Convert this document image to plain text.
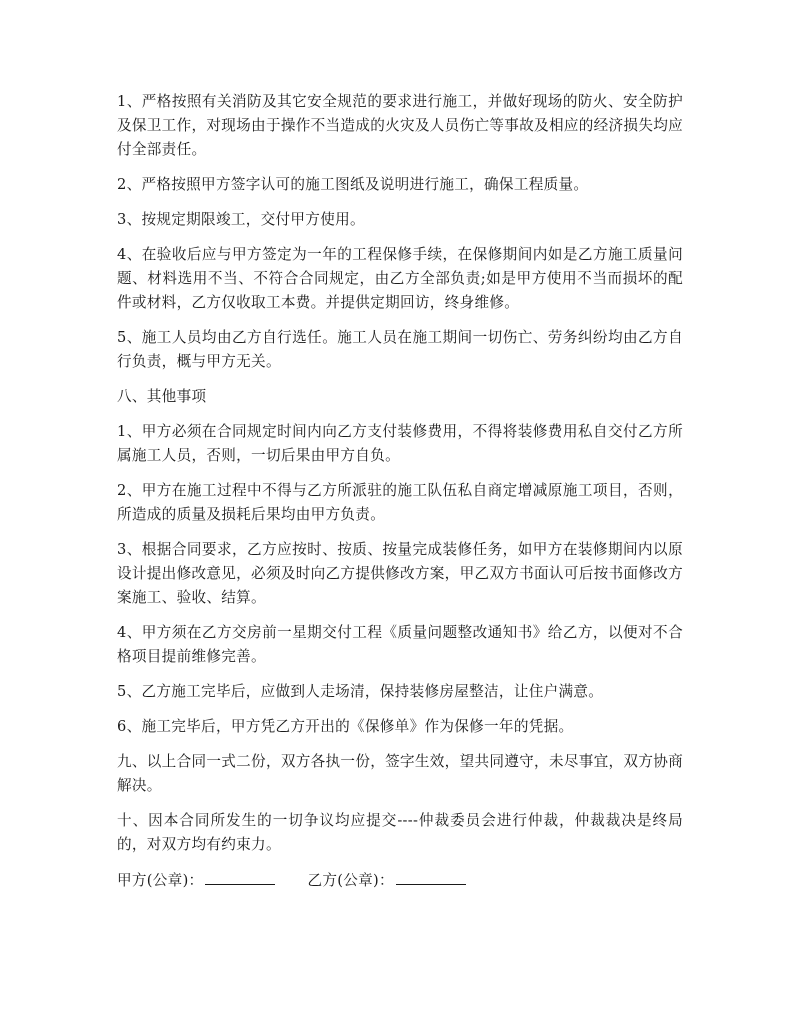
1、严格按照有关消防及其它安全规范的要求进行施工，并做好现场的防火、安全防护及保卫工作，对现场由于操作不当造成的火灾及人员伤亡等事故及相应的经济损失均应付全部责任。

2、严格按照甲方签字认可的施工图纸及说明进行施工，确保工程质量。

3、按规定期限竣工，交付甲方使用。

4、在验收后应与甲方签定为一年的工程保修手续，在保修期间内如是乙方施工质量问题、材料选用不当、不符合合同规定，由乙方全部负责;如是甲方使用不当而损坏的配件或材料，乙方仅收取工本费。并提供定期回访，终身维修。

5、施工人员均由乙方自行选任。施工人员在施工期间一切伤亡、劳务纠纷均由乙方自行负责，概与甲方无关。

八、其他事项

1、甲方必须在合同规定时间内向乙方支付装修费用，不得将装修费用私自交付乙方所属施工人员，否则，一切后果由甲方自负。

2、甲方在施工过程中不得与乙方所派驻的施工队伍私自商定增减原施工项目，否则，所造成的质量及损耗后果均由甲方负责。

3、根据合同要求，乙方应按时、按质、按量完成装修任务，如甲方在装修期间内以原设计提出修改意见，必须及时向乙方提供修改方案，甲乙双方书面认可后按书面修改方案施工、验收、结算。

4、甲方须在乙方交房前一星期交付工程《质量问题整改通知书》给乙方，以便对不合格项目提前维修完善。

5、乙方施工完毕后，应做到人走场清，保持装修房屋整洁，让住户满意。

6、施工完毕后，甲方凭乙方开出的《保修单》作为保修一年的凭据。

九、以上合同一式二份，双方各执一份，签字生效，望共同遵守，未尽事宜，双方协商解决。

十、因本合同所发生的一切争议均应提交----仲裁委员会进行仲裁，仲裁裁决是终局的，对双方均有约束力。

甲方(公章)：	乙方(公章)：
